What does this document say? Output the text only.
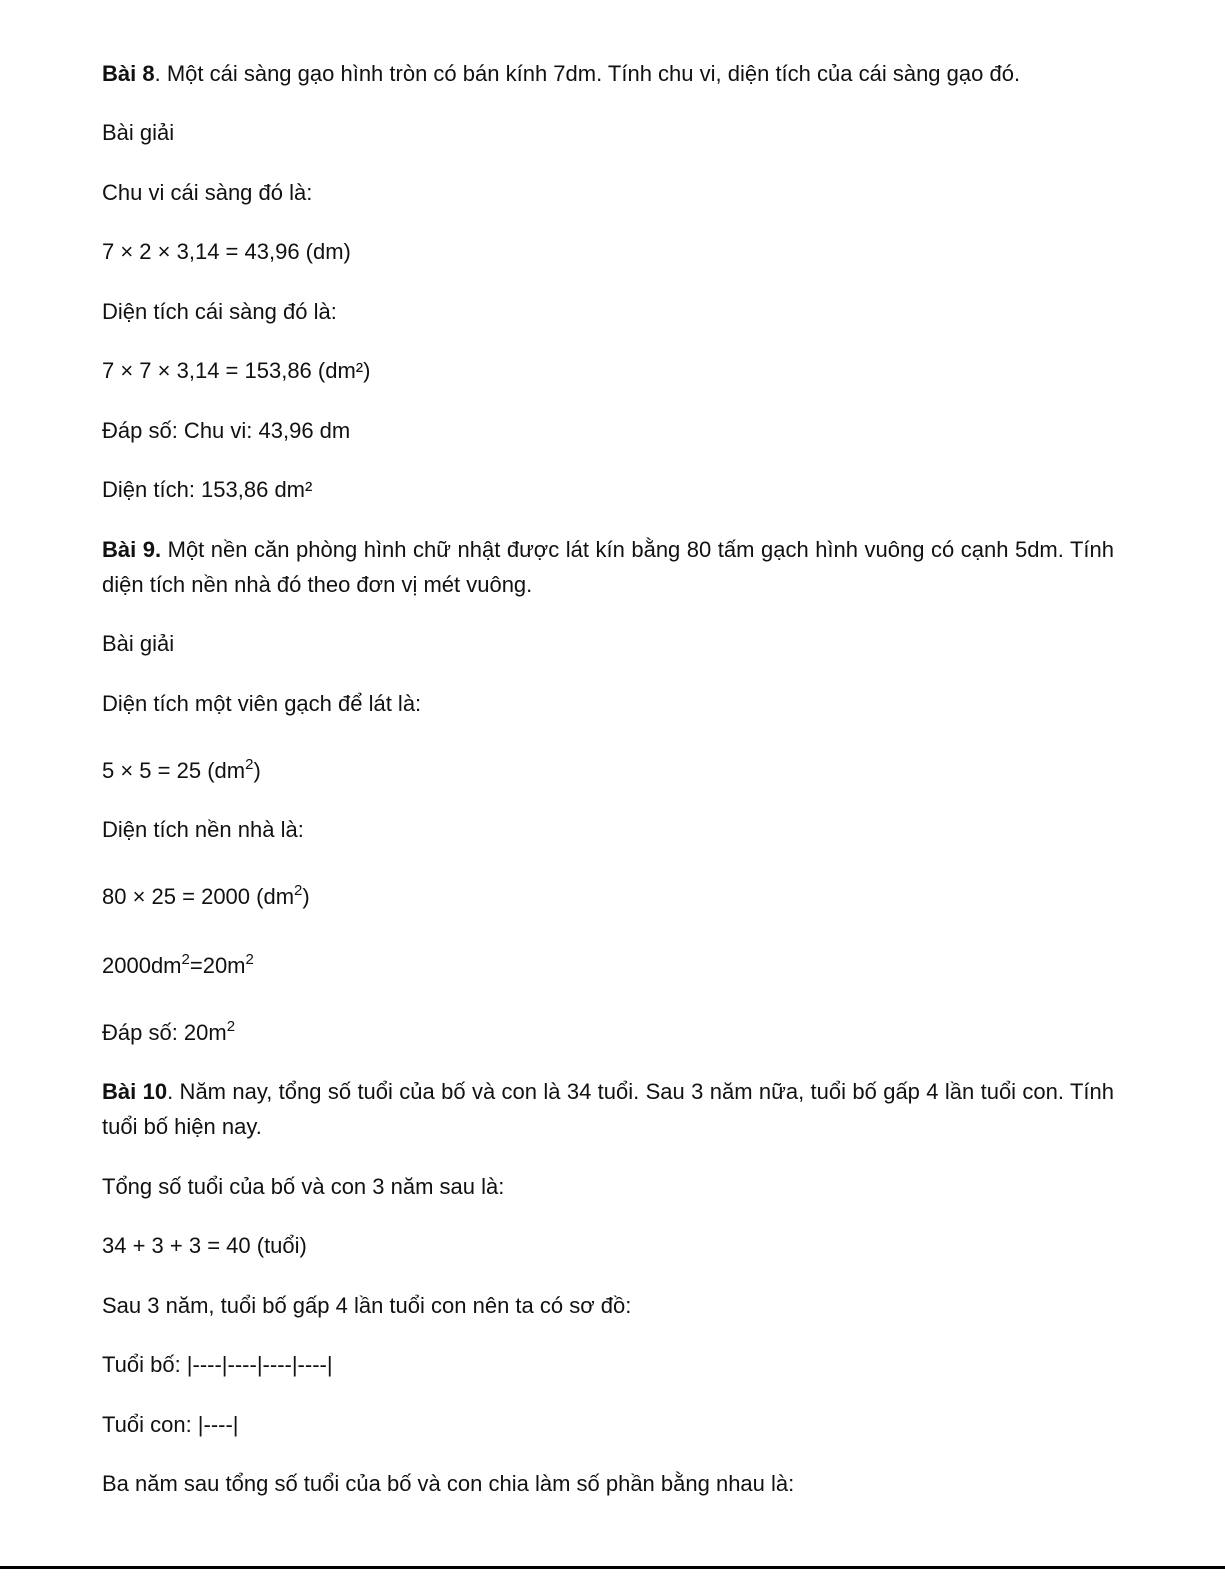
Bài 8. Một cái sàng gạo hình tròn có bán kính 7dm. Tính chu vi, diện tích của cái sàng gạo đó.

Bài giải

Chu vi cái sàng đó là:

7 × 2 × 3,14 = 43,96 (dm)

Diện tích cái sàng đó là:

7 × 7 × 3,14 = 153,86 (dm²)

Đáp số: Chu vi: 43,96 dm

Diện tích: 153,86 dm²

Bài 9. Một nền căn phòng hình chữ nhật được lát kín bằng 80 tấm gạch hình vuông có cạnh 5dm. Tính diện tích nền nhà đó theo đơn vị mét vuông.

Bài giải

Diện tích một viên gạch để lát là:

5 × 5 = 25 $(dm^2)$

Diện tích nền nhà là:

80 × 25 = 2000 $(dm^2)$

$2000dm^2=20m^2$

Đáp số: $20m^2$

Bài 10. Năm nay, tổng số tuổi của bố và con là 34 tuổi. Sau 3 năm nữa, tuổi bố gấp 4 lần tuổi con. Tính tuổi bố hiện nay.

Tổng số tuổi của bố và con 3 năm sau là:

34 + 3 + 3 = 40 (tuổi)

Sau 3 năm, tuổi bố gấp 4 lần tuổi con nên ta có sơ đồ:

Tuổi bố: |----|----|----|----|

Tuổi con: |----|

Ba năm sau tổng số tuổi của bố và con chia làm số phần bằng nhau là:
